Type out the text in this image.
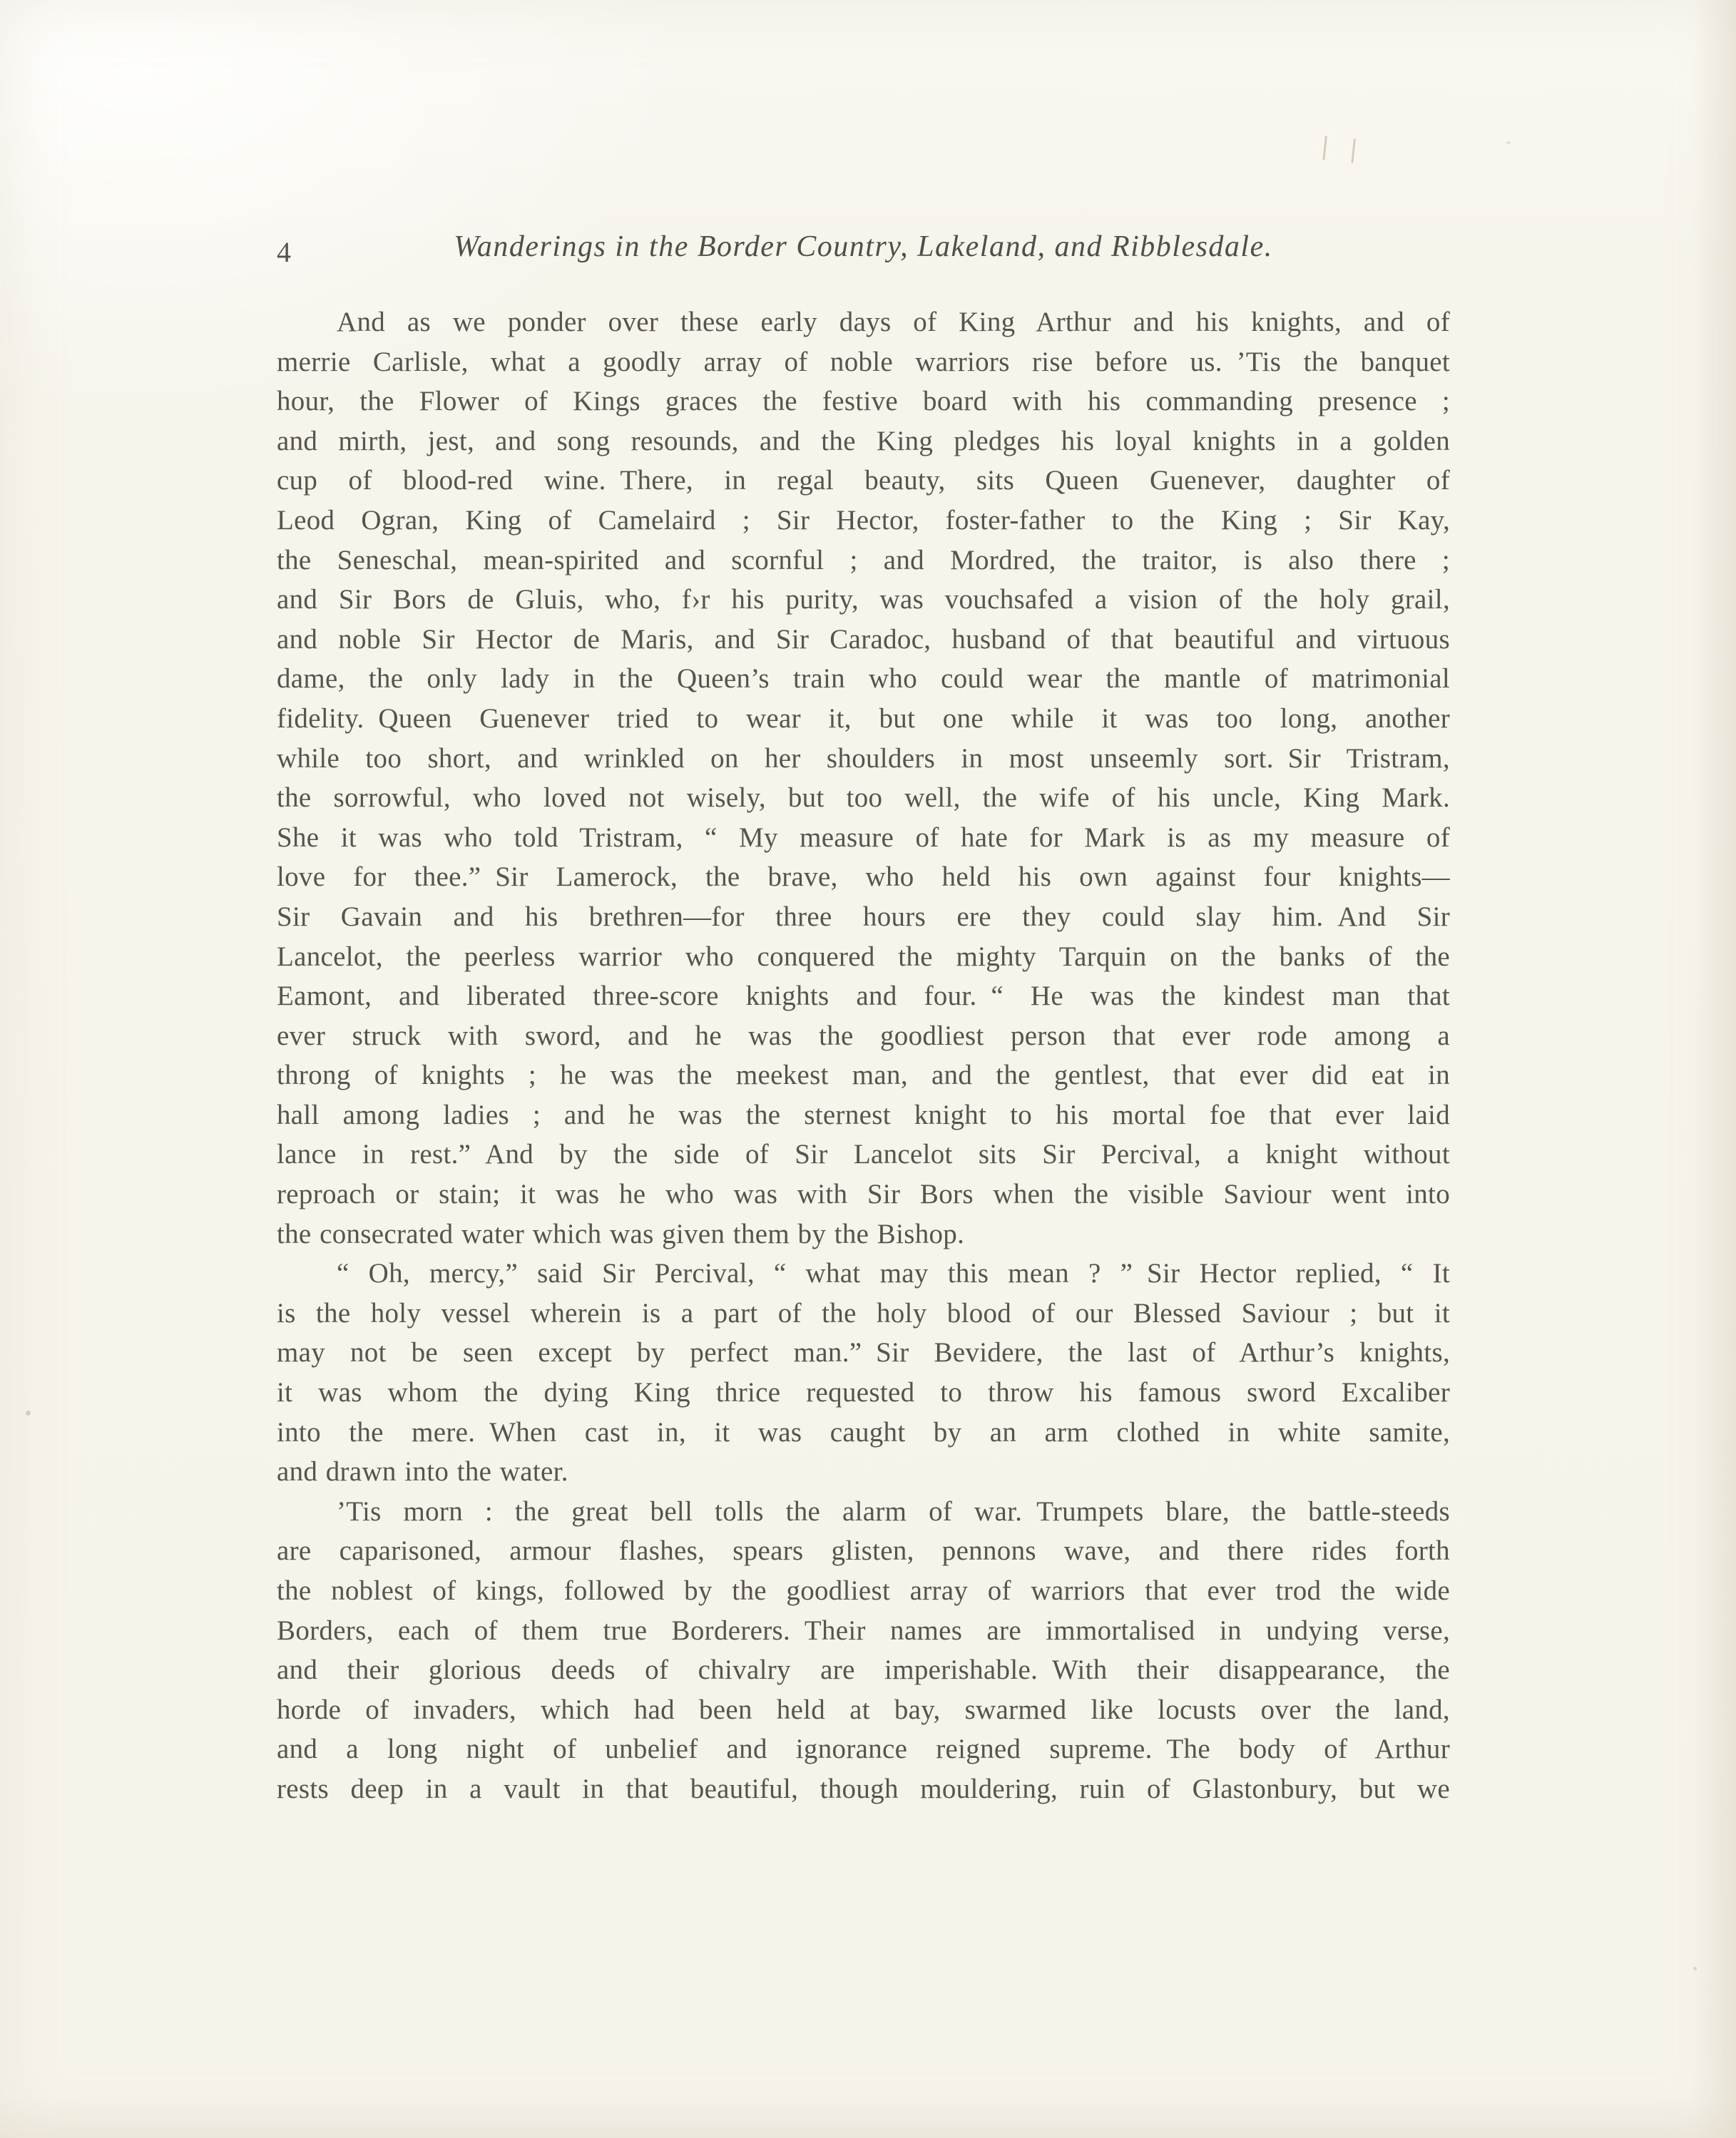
| |
4	Wanderings in the Border Country, Lakeland, and Ribblesdale.
And as we ponder over these early days of King Arthur and his knights, and of
merrie Carlisle, what a goodly array of noble warriors rise before us. ’Tis the banquet
hour, the Flower of Kings graces the festive board with his commanding presence ;
and mirth, jest, and song resounds, and the King pledges his loyal knights in a golden
cup of blood-red wine. There, in regal beauty, sits Queen Guenever, daughter of
Leod Ogran, King of Camelaird ; Sir Hector, foster-father to the King ; Sir Kay,
the Seneschal, mean-spirited and scornful ; and Mordred, the traitor, is also there ;
and Sir Bors de Gluis, who, f›r his purity, was vouchsafed a vision of the holy grail,
and noble Sir Hector de Maris, and Sir Caradoc, husband of that beautiful and virtuous
dame, the only lady in the Queen’s train who could wear the mantle of matrimonial
fidelity. Queen Guenever tried to wear it, but one while it was too long, another
while too short, and wrinkled on her shoulders in most unseemly sort. Sir Tristram,
the sorrowful, who loved not wisely, but too well, the wife of his uncle, King Mark.
She it was who told Tristram, “ My measure of hate for Mark is as my measure of
love for thee.” Sir Lamerock, the brave, who held his own against four knights—
Sir Gavain and his brethren—for three hours ere they could slay him. And Sir
Lancelot, the peerless warrior who conquered the mighty Tarquin on the banks of the
Eamont, and liberated three-score knights and four. “ He was the kindest man that
ever struck with sword, and he was the goodliest person that ever rode among a
throng of knights ; he was the meekest man, and the gentlest, that ever did eat in
hall among ladies ; and he was the sternest knight to his mortal foe that ever laid
lance in rest.” And by the side of Sir Lancelot sits Sir Percival, a knight without
reproach or stain; it was he who was with Sir Bors when the visible Saviour went into
the consecrated water which was given them by the Bishop.
“ Oh, mercy,” said Sir Percival, “ what may this mean ? ” Sir Hector replied, “ It
is the holy vessel wherein is a part of the holy blood of our Blessed Saviour ; but it
may not be seen except by perfect man.” Sir Bevidere, the last of Arthur’s knights,
it was whom the dying King thrice requested to throw his famous sword Excaliber
into the mere. When cast in, it was caught by an arm clothed in white samite,
and drawn into the water.
’Tis morn : the great bell tolls the alarm of war. Trumpets blare, the battle-steeds
are caparisoned, armour flashes, spears glisten, pennons wave, and there rides forth
the noblest of kings, followed by the goodliest array of warriors that ever trod the wide
Borders, each of them true Borderers. Their names are immortalised in undying verse,
and their glorious deeds of chivalry are imperishable. With their disappearance, the
horde of invaders, which had been held at bay, swarmed like locusts over the land,
and a long night of unbelief and ignorance reigned supreme. The body of Arthur
rests deep in a vault in that beautiful, though mouldering, ruin of Glastonbury, but we
